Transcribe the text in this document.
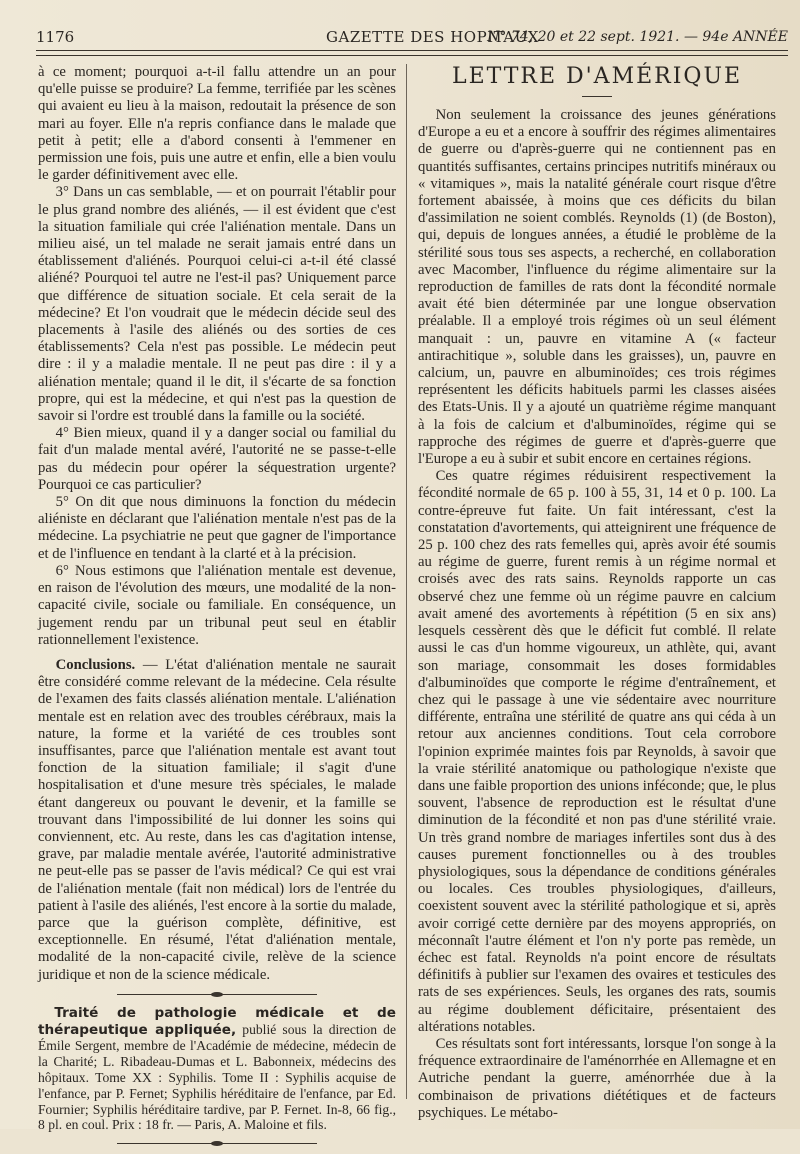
1176	GAZETTE DES HOPITAUX
N° 74, 20 et 22 sept. 1921. — 94e ANNÉE

à ce moment; pourquoi a-t-il fallu attendre un an pour qu'elle puisse se produire? La femme, terrifiée par les scènes qui avaient eu lieu à la maison, redoutait la présence de son mari au foyer. Elle n'a repris confiance dans le malade que petit à petit; elle a d'abord consenti à l'emmener en permission une fois, puis une autre et enfin, elle a bien voulu le garder définitivement avec elle.

3° Dans un cas semblable, — et on pourrait l'établir pour le plus grand nombre des aliénés, — il est évident que c'est la situation familiale qui crée l'aliénation mentale. Dans un milieu aisé, un tel malade ne serait jamais entré dans un établissement d'aliénés. Pourquoi celui-ci a-t-il été classé aliéné? Pourquoi tel autre ne l'est-il pas? Uniquement parce que différence de situation sociale. Et cela serait de la médecine? Et l'on voudrait que le médecin décide seul des placements à l'asile des aliénés ou des sorties de ces établissements? Cela n'est pas possible. Le médecin peut dire : il y a maladie mentale. Il ne peut pas dire : il y a aliénation mentale; quand il le dit, il s'écarte de sa fonction propre, qui est la médecine, et qui n'est pas la question de savoir si l'ordre est troublé dans la famille ou la société.

4° Bien mieux, quand il y a danger social ou familial du fait d'un malade mental avéré, l'autorité ne se passe-t-elle pas du médecin pour opérer la séquestration urgente? Pourquoi ce cas particulier?

5° On dit que nous diminuons la fonction du médecin aliéniste en déclarant que l'aliénation mentale n'est pas de la médecine. La psychiatrie ne peut que gagner de l'importance et de l'influence en tendant à la clarté et à la précision.

6° Nous estimons que l'aliénation mentale est devenue, en raison de l'évolution des mœurs, une modalité de la non-capacité civile, sociale ou familiale. En conséquence, un jugement rendu par un tribunal peut seul en établir rationnellement l'existence.

Conclusions. — L'état d'aliénation mentale ne saurait être considéré comme relevant de la médecine. Cela résulte de l'examen des faits classés aliénation mentale. L'aliénation mentale est en relation avec des troubles cérébraux, mais la nature, la forme et la variété de ces troubles sont insuffisantes, parce que l'aliénation mentale est avant tout fonction de la situation familiale; il s'agit d'une hospitalisation et d'une mesure très spéciales, le malade étant dangereux ou pouvant le devenir, et la famille se trouvant dans l'impossibilité de lui donner les soins qui conviennent, etc. Au reste, dans les cas d'agitation intense, grave, par maladie mentale avérée, l'autorité administrative ne peut-elle pas se passer de l'avis médical? Ce qui est vrai de l'aliénation mentale (fait non médical) lors de l'entrée du patient à l'asile des aliénés, l'est encore à la sortie du malade, parce que la guérison complète, définitive, est exceptionnelle. En résumé, l'état d'aliénation mentale, modalité de la non-capacité civile, relève de la science juridique et non de la science médicale.

Traité de pathologie médicale et de thérapeutique appliquée, publié sous la direction de Émile Sergent, membre de l'Académie de médecine, médecin de la Charité; L. Ribadeau-Dumas et L. Babonneix, médecins des hôpitaux. Tome XX : Syphilis. Tome II : Syphilis acquise de l'enfance, par P. Fernet; Syphilis héréditaire de l'enfance, par Ed. Fournier; Syphilis héréditaire tardive, par P. Fernet. In-8, 66 fig., 8 pl. en coul. Prix : 18 fr. — Paris, A. Maloine et fils.

LETTRE D'AMÉRIQUE

Non seulement la croissance des jeunes générations d'Europe a eu et a encore à souffrir des régimes alimentaires de guerre ou d'après-guerre qui ne contiennent pas en quantités suffisantes, certains principes nutritifs minéraux ou « vitamiques », mais la natalité générale court risque d'être fortement abaissée, à moins que ces déficits du bilan d'assimilation ne soient comblés. Reynolds (1) (de Boston), qui, depuis de longues années, a étudié le problème de la stérilité sous tous ses aspects, a recherché, en collaboration avec Macomber, l'influence du régime alimentaire sur la reproduction de familles de rats dont la fécondité normale avait été bien déterminée par une longue observation préalable. Il a employé trois régimes où un seul élément manquait : un, pauvre en vitamine A (« facteur antirachitique », soluble dans les graisses), un, pauvre en calcium, un, pauvre en albuminoïdes; ces trois régimes représentent les déficits habituels parmi les classes aisées des Etats-Unis. Il y a ajouté un quatrième régime manquant à la fois de calcium et d'albuminoïdes, régime qui se rapproche des régimes de guerre et d'après-guerre que l'Europe a eu à subir et subit encore en certaines régions.

Ces quatre régimes réduisirent respectivement la fécondité normale de 65 p. 100 à 55, 31, 14 et 0 p. 100. La contre-épreuve fut faite. Un fait intéressant, c'est la constatation d'avortements, qui atteignirent une fréquence de 25 p. 100 chez des rats femelles qui, après avoir été soumis au régime de guerre, furent remis à un régime normal et croisés avec des rats sains. Reynolds rapporte un cas observé chez une femme où un régime pauvre en calcium avait amené des avortements à répétition (5 en six ans) lesquels cessèrent dès que le déficit fut comblé. Il relate aussi le cas d'un homme vigoureux, un athlète, qui, avant son mariage, consommait les doses formidables d'albuminoïdes que comporte le régime d'entraînement, et chez qui le passage à une vie sédentaire avec nourriture différente, entraîna une stérilité de quatre ans qui céda à un retour aux anciennes conditions. Tout cela corrobore l'opinion exprimée maintes fois par Reynolds, à savoir que la vraie stérilité anatomique ou pathologique n'existe que dans une faible proportion des unions inféconde; que, le plus souvent, l'absence de reproduction est le résultat d'une diminution de la fécondité et non pas d'une stérilité vraie. Un très grand nombre de mariages infertiles sont dus à des causes purement fonctionnelles ou à des troubles physiologiques, sous la dépendance de conditions générales ou locales. Ces troubles physiologiques, d'ailleurs, coexistent souvent avec la stérilité pathologique et si, après avoir corrigé cette dernière par des moyens appropriés, on méconnaît l'autre élément et l'on n'y porte pas remède, un échec est fatal. Reynolds n'a point encore de résultats définitifs à publier sur l'examen des ovaires et testicules des rats de ses expériences. Seuls, les organes des rats, soumis au régime doublement déficitaire, présentaient des altérations notables.

Ces résultats sont fort intéressants, lorsque l'on songe à la fréquence extraordinaire de l'aménorrhée en Allemagne et en Autriche pendant la guerre, aménorrhée due à la combinaison de privations diététiques et de facteurs psychiques. Le métabo-
